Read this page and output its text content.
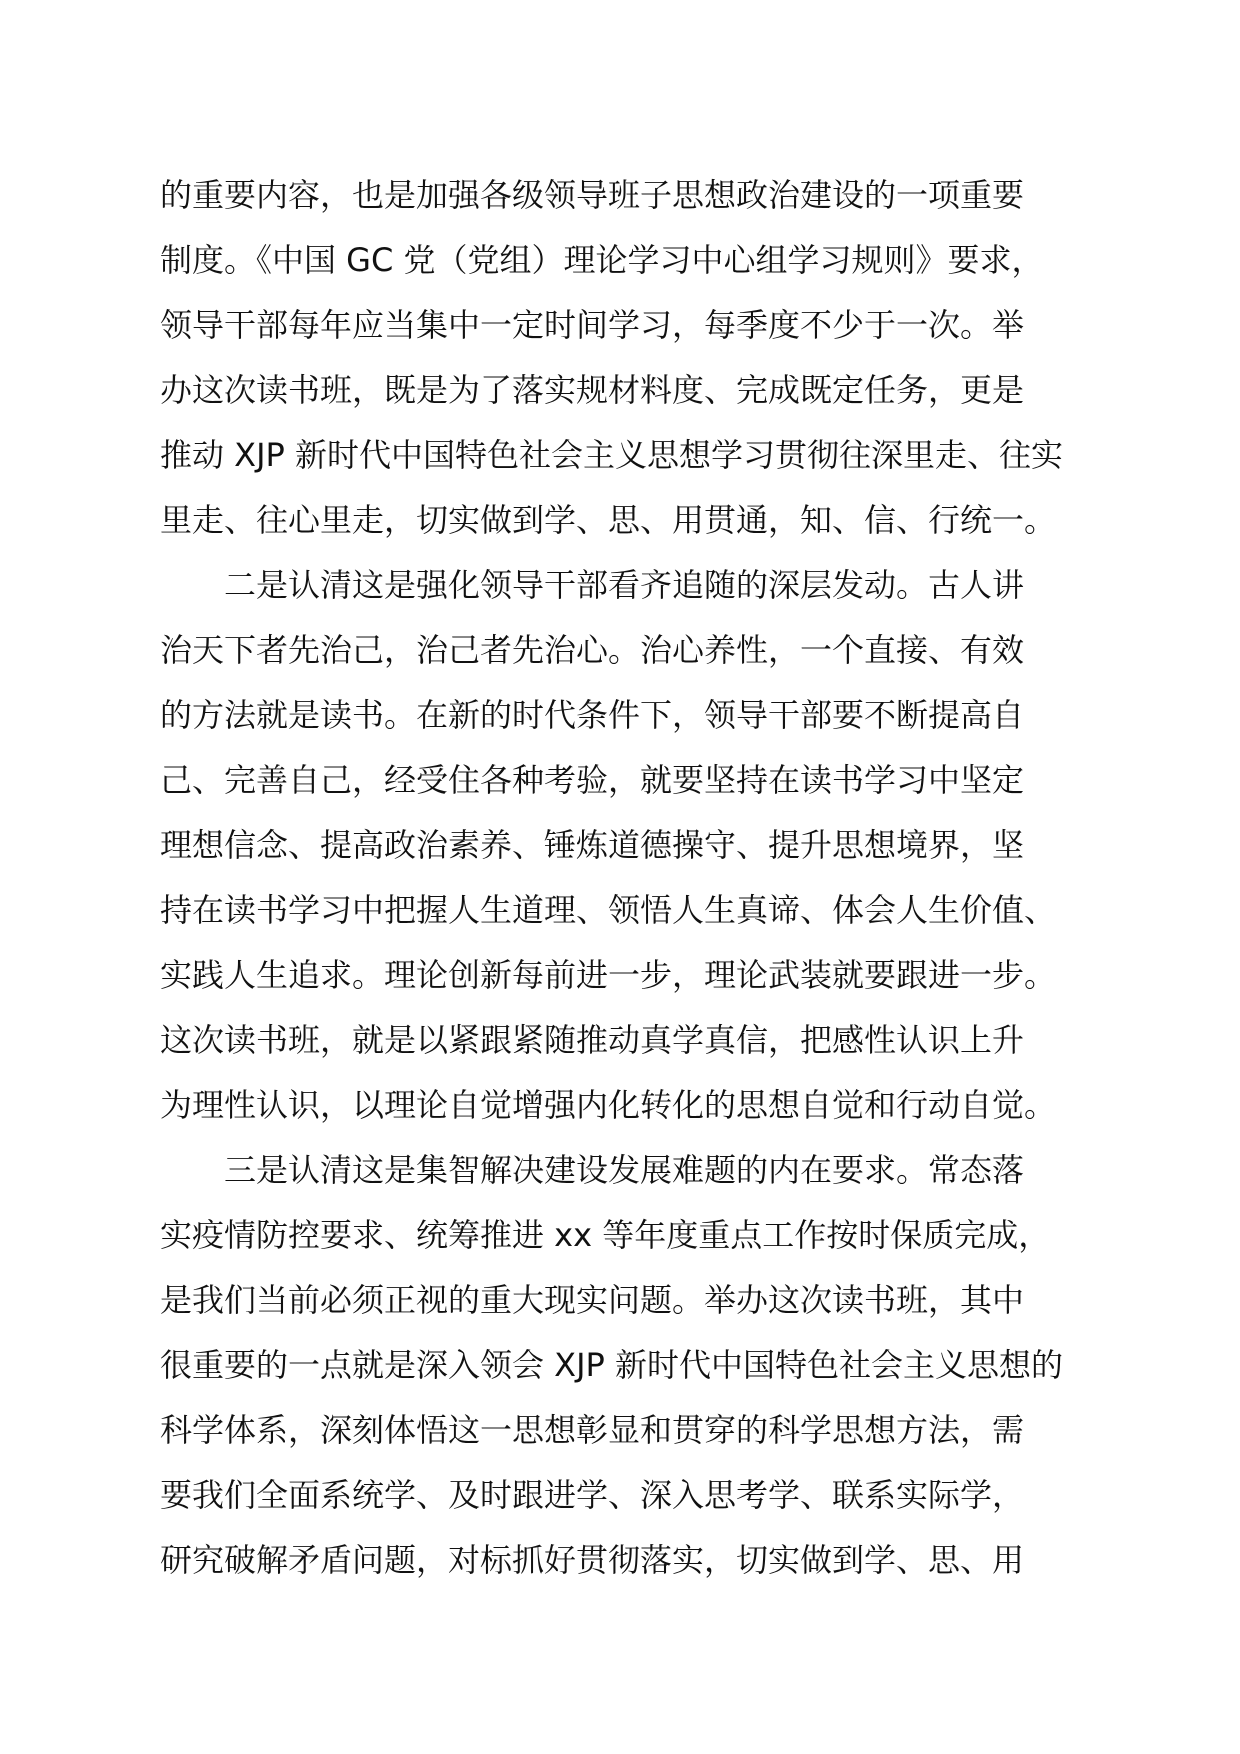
的重要内容，也是加强各级领导班子思想政治建设的一项重要
制度。《中国 GC 党（党组）理论学习中心组学习规则》要求，
领导干部每年应当集中一定时间学习，每季度不少于一次。举
办这次读书班，既是为了落实规材料度、完成既定任务，更是
推动 XJP 新时代中国特色社会主义思想学习贯彻往深里走、往实
里走、往心里走，切实做到学、思、用贯通，知、信、行统一。
二是认清这是强化领导干部看齐追随的深层发动。古人讲
治天下者先治己，治己者先治心。治心养性，一个直接、有效
的方法就是读书。在新的时代条件下，领导干部要不断提高自
己、完善自己，经受住各种考验，就要坚持在读书学习中坚定
理想信念、提高政治素养、锤炼道德操守、提升思想境界，坚
持在读书学习中把握人生道理、领悟人生真谛、体会人生价值、
实践人生追求。理论创新每前进一步，理论武装就要跟进一步。
这次读书班，就是以紧跟紧随推动真学真信，把感性认识上升
为理性认识，以理论自觉增强内化转化的思想自觉和行动自觉。
三是认清这是集智解决建设发展难题的内在要求。常态落
实疫情防控要求、统筹推进 xx 等年度重点工作按时保质完成，
是我们当前必须正视的重大现实问题。举办这次读书班，其中
很重要的一点就是深入领会 XJP 新时代中国特色社会主义思想的
科学体系，深刻体悟这一思想彰显和贯穿的科学思想方法，需
要我们全面系统学、及时跟进学、深入思考学、联系实际学，
研究破解矛盾问题，对标抓好贯彻落实，切实做到学、思、用
